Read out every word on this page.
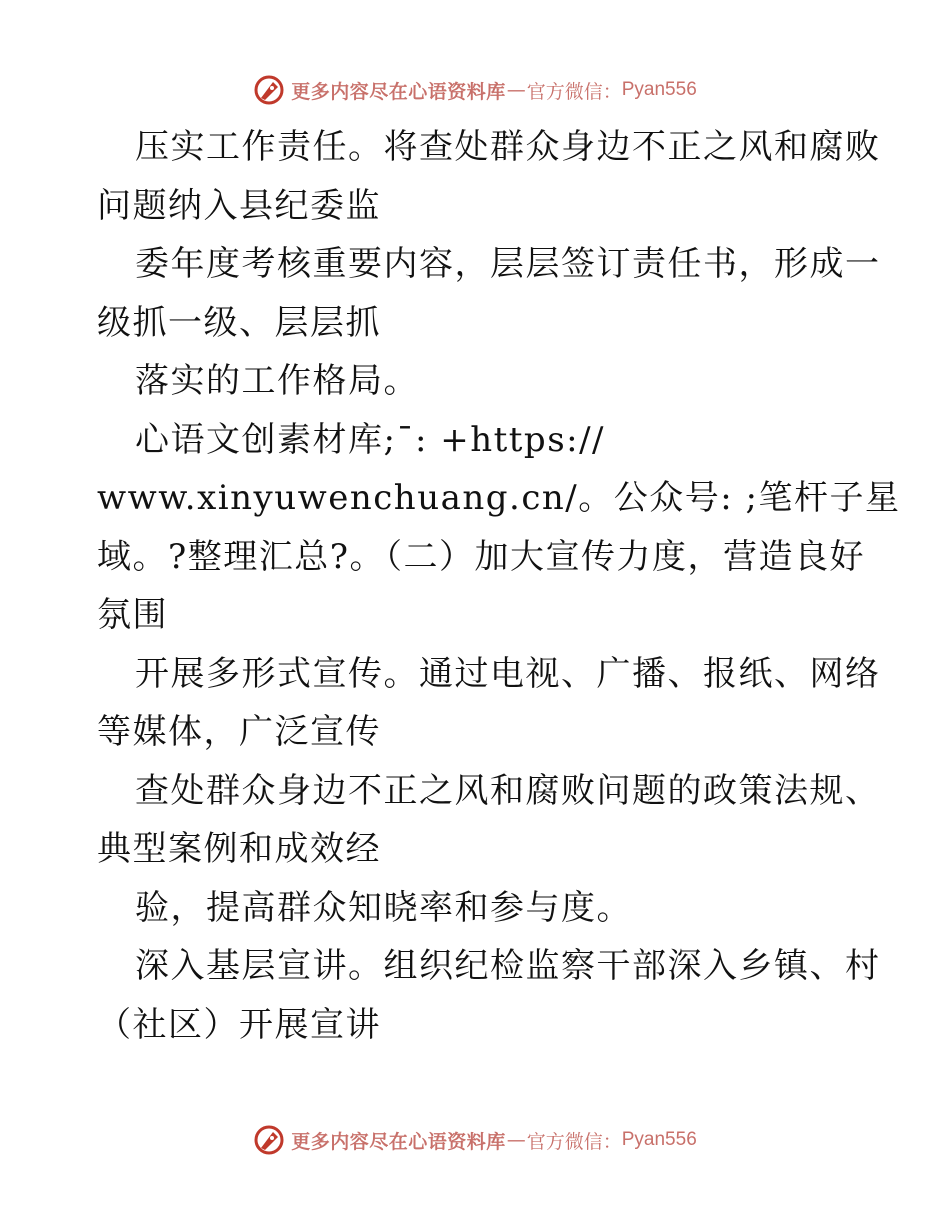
更多内容尽在心语资料库 — 官方微信： Pyan556
压实工作责任。将查处群众身边不正之风和腐败
问题纳入县纪委监
委年度考核重要内容，层层签订责任书，形成一
级抓一级、层层抓
落实的工作格局。
心语文创素材库;¯: +https://
www.xinyuwenchuang.cn/。公众号: ;笔杆子星
域。?整理汇总?。（二）加大宣传力度，营造良好
氛围
开展多形式宣传。通过电视、广播、报纸、网络
等媒体，广泛宣传
查处群众身边不正之风和腐败问题的政策法规、
典型案例和成效经
验，提高群众知晓率和参与度。
深入基层宣讲。组织纪检监察干部深入乡镇、村
（社区）开展宣讲
更多内容尽在心语资料库 — 官方微信： Pyan556
